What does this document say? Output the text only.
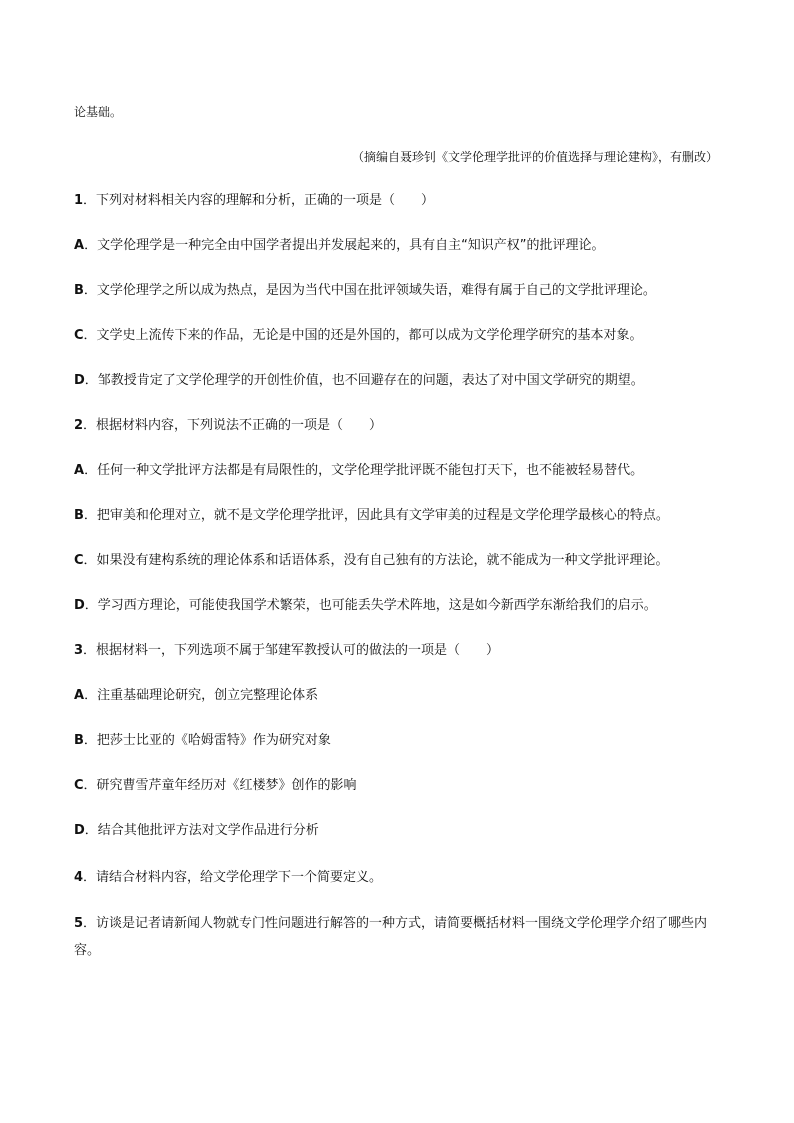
论基础。
（摘编自聂珍钊《文学伦理学批评的价值选择与理论建构》，有删改）
1．下列对材料相关内容的理解和分析，正确的一项是（　　）
A．文学伦理学是一种完全由中国学者提出并发展起来的，具有自主“知识产权”的批评理论。
B．文学伦理学之所以成为热点，是因为当代中国在批评领域失语，难得有属于自己的文学批评理论。
C．文学史上流传下来的作品，无论是中国的还是外国的，都可以成为文学伦理学研究的基本对象。
D．邹教授肯定了文学伦理学的开创性价值，也不回避存在的问题，表达了对中国文学研究的期望。
2．根据材料内容，下列说法不正确的一项是（　　）
A．任何一种文学批评方法都是有局限性的，文学伦理学批评既不能包打天下，也不能被轻易替代。
B．把审美和伦理对立，就不是文学伦理学批评，因此具有文学审美的过程是文学伦理学最核心的特点。
C．如果没有建构系统的理论体系和话语体系，没有自己独有的方法论，就不能成为一种文学批评理论。
D．学习西方理论，可能使我国学术繁荣，也可能丢失学术阵地，这是如今新西学东渐给我们的启示。
3．根据材料一，下列选项不属于邹建军教授认可的做法的一项是（　　）
A．注重基础理论研究，创立完整理论体系
B．把莎士比亚的《哈姆雷特》作为研究对象
C．研究曹雪芹童年经历对《红楼梦》创作的影响
D．结合其他批评方法对文学作品进行分析
4．请结合材料内容，给文学伦理学下一个简要定义。
5．访谈是记者请新闻人物就专门性问题进行解答的一种方式，请简要概括材料一围绕文学伦理学介绍了哪些内容。
